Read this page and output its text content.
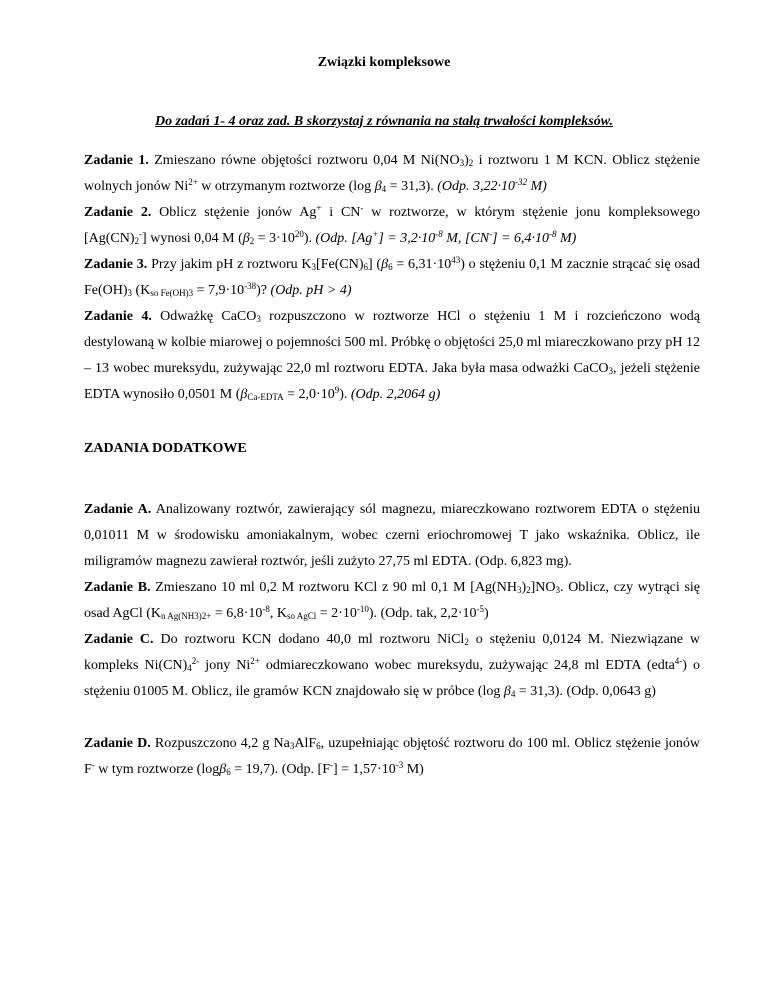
Związki kompleksowe
Do zadań 1- 4 oraz zad. B skorzystaj z równania na stałą trwałości kompleksów.
Zadanie 1. Zmieszano równe objętości roztworu 0,04 M $Ni(NO_3)_2$ i roztworu 1 M KCN. Oblicz stężenie wolnych jonów $Ni^{2+}$ w otrzymanym roztworze (log $\beta_4 = 31,3$). (Odp. $3,22\cdot 10^{-32}$ M)
Zadanie 2. Oblicz stężenie jonów Ag+ i CN- w roztworze, w którym stężenie jonu kompleksowego $[Ag(CN)_2^-]$ wynosi 0,04 M $(\beta_2 = 3\cdot 10^{20})$. (Odp. $[Ag^+] = 3,2\cdot 10^{-8}$ M, $[CN^-] = 6,4\cdot 10^{-8}$ M)
Zadanie 3. Przy jakim pH z roztworu $K_3[Fe(CN)_6] (\beta_6 = 6,31\cdot 10^{43})$ o stężeniu 0,1 M zacznie strącać się osad $Fe(OH)_3$ $(K_{so Fe(OH)3} = 7,9\cdot 10^{-38})$? (Odp. pH > 4)
Zadanie 4. Odważkę CaCO$_3$ rozpuszczono w roztworze HCl o stężeniu 1 M i rozcieńczono wodą destylowaną w kolbie miarowej o pojemności 500 ml. Próbkę o objętości 25,0 ml miareczkowano przy pH 12 – 13 wobec mureksydu, zużywając 22,0 ml roztworu EDTA. Jaka była masa odważki CaCO$_3$, jeżeli stężenie EDTA wynosiło 0,0501 M $(\beta_{Ca-EDTA} = 2,0\cdot 10^9)$. (Odp. 2,2064 g)
ZADANIA DODATKOWE
Zadanie A. Analizowany roztwór, zawierający sól magnezu, miareczkowano roztworem EDTA o stężeniu 0,01011 M w środowisku amoniakalnym, wobec czerni eriochromowej T jako wskaźnika. Oblicz, ile miligramów magnezu zawierał roztwór, jeśli zużyto 27,75 ml EDTA. (Odp. 6,823 mg).
Zadanie B. Zmieszano 10 ml 0,2 M roztworu KCl z 90 ml 0,1 M $[Ag(NH_3)_2]NO_3$. Oblicz, czy wytrąci się osad AgCl ($K_{n Ag(NH3)2+} = 6,8\cdot 10^{-8}$, $K_{so AgCl} = 2\cdot 10^{-10}$). (Odp. tak, $2,2\cdot 10^{-5}$)
Zadanie C. Do roztworu KCN dodano 40,0 ml roztworu NiCl$_2$ o stężeniu 0,0124 M. Niezwiązane w kompleks $Ni(CN)_4^{2-}$ jony $Ni^{2+}$ odmiareczkowano wobec mureksydu, zużywając 24,8 ml EDTA (edta$^{4-}$) o stężeniu 01005 M. Oblicz, ile gramów KCN znajdowało się w próbce (log $\beta_4 = 31,3$). (Odp. 0,0643 g)
Zadanie D. Rozpuszczono 4,2 g $Na_3AlF_6$, uzupełniając objętość roztworu do 100 ml. Oblicz stężenie jonów F- w tym roztworze (logβ$_6$ = 19,7). (Odp. $[F^-] = 1,57\cdot 10^{-3}$ M)
